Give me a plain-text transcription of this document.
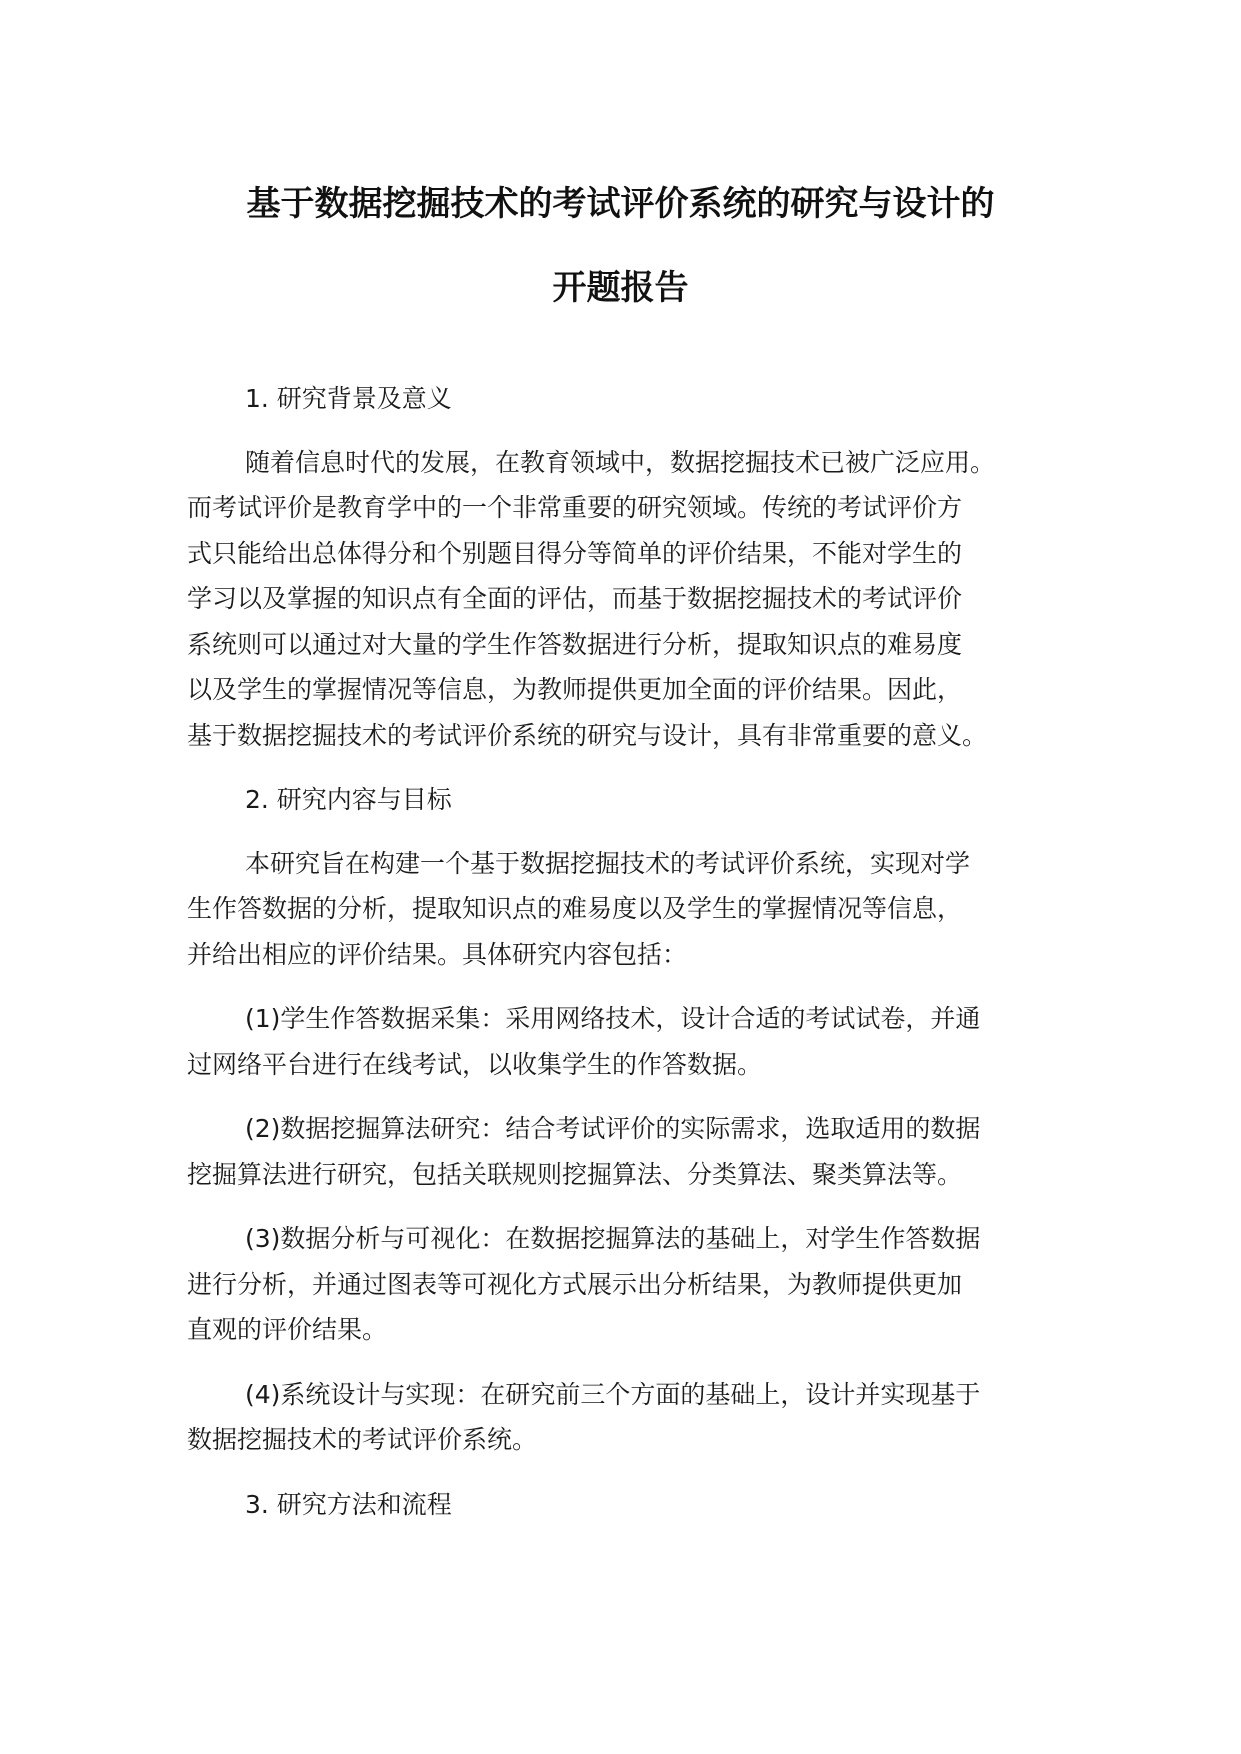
基于数据挖掘技术的考试评价系统的研究与设计的
开题报告
1. 研究背景及意义
随着信息时代的发展，在教育领域中，数据挖掘技术已被广泛应用。
而考试评价是教育学中的一个非常重要的研究领域。传统的考试评价方
式只能给出总体得分和个别题目得分等简单的评价结果，不能对学生的
学习以及掌握的知识点有全面的评估，而基于数据挖掘技术的考试评价
系统则可以通过对大量的学生作答数据进行分析，提取知识点的难易度
以及学生的掌握情况等信息，为教师提供更加全面的评价结果。因此，
基于数据挖掘技术的考试评价系统的研究与设计，具有非常重要的意义。
2. 研究内容与目标
本研究旨在构建一个基于数据挖掘技术的考试评价系统，实现对学
生作答数据的分析，提取知识点的难易度以及学生的掌握情况等信息，
并给出相应的评价结果。具体研究内容包括：
(1)学生作答数据采集：采用网络技术，设计合适的考试试卷，并通
过网络平台进行在线考试，以收集学生的作答数据。
(2)数据挖掘算法研究：结合考试评价的实际需求，选取适用的数据
挖掘算法进行研究，包括关联规则挖掘算法、分类算法、聚类算法等。
(3)数据分析与可视化：在数据挖掘算法的基础上，对学生作答数据
进行分析，并通过图表等可视化方式展示出分析结果，为教师提供更加
直观的评价结果。
(4)系统设计与实现：在研究前三个方面的基础上，设计并实现基于
数据挖掘技术的考试评价系统。
3. 研究方法和流程
